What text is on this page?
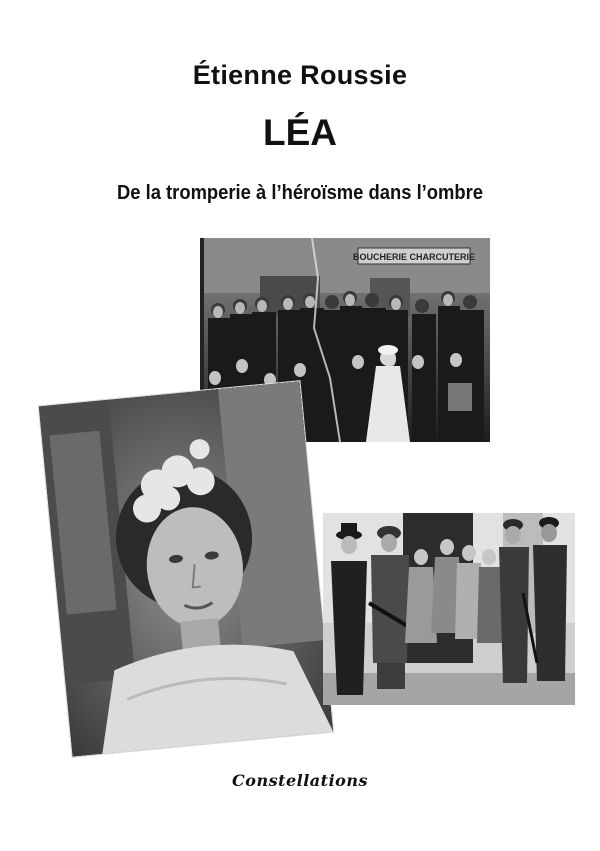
Étienne Roussie
LÉA
De la tromperie à l’héroïsme dans l’ombre
BOUCHERIE CHARCUTERIE
Constellations
